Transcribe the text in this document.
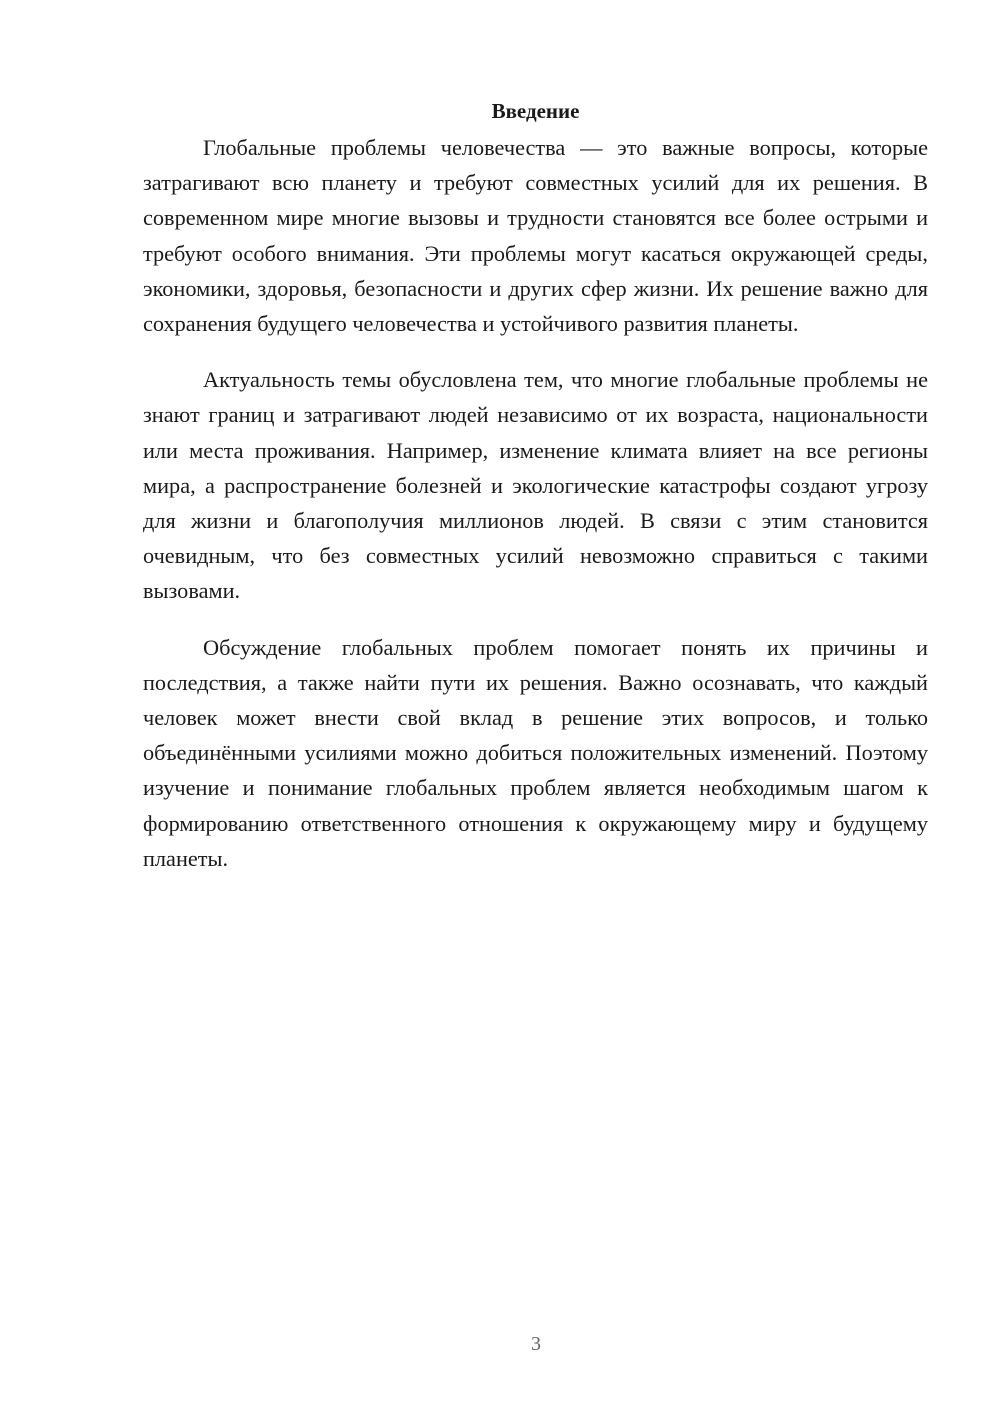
Введение

Глобальные проблемы человечества — это важные вопросы, которые затрагивают всю планету и требуют совместных усилий для их решения. В современном мире многие вызовы и трудности становятся все более острыми и требуют особого внимания. Эти проблемы могут касаться окружающей среды, экономики, здоровья, безопасности и других сфер жизни. Их решение важно для сохранения будущего человечества и устойчивого развития планеты.

Актуальность темы обусловлена тем, что многие глобальные проблемы не знают границ и затрагивают людей независимо от их возраста, национальности или места проживания. Например, изменение климата влияет на все регионы мира, а распространение болезней и экологические катастрофы создают угрозу для жизни и благополучия миллионов людей. В связи с этим становится очевидным, что без совместных усилий невозможно справиться с такими вызовами.

Обсуждение глобальных проблем помогает понять их причины и последствия, а также найти пути их решения. Важно осознавать, что каждый человек может внести свой вклад в решение этих вопросов, и только объединёнными усилиями можно добиться положительных изменений. Поэтому изучение и понимание глобальных проблем является необходимым шагом к формированию ответственного отношения к окружающему миру и будущему планеты.

3
